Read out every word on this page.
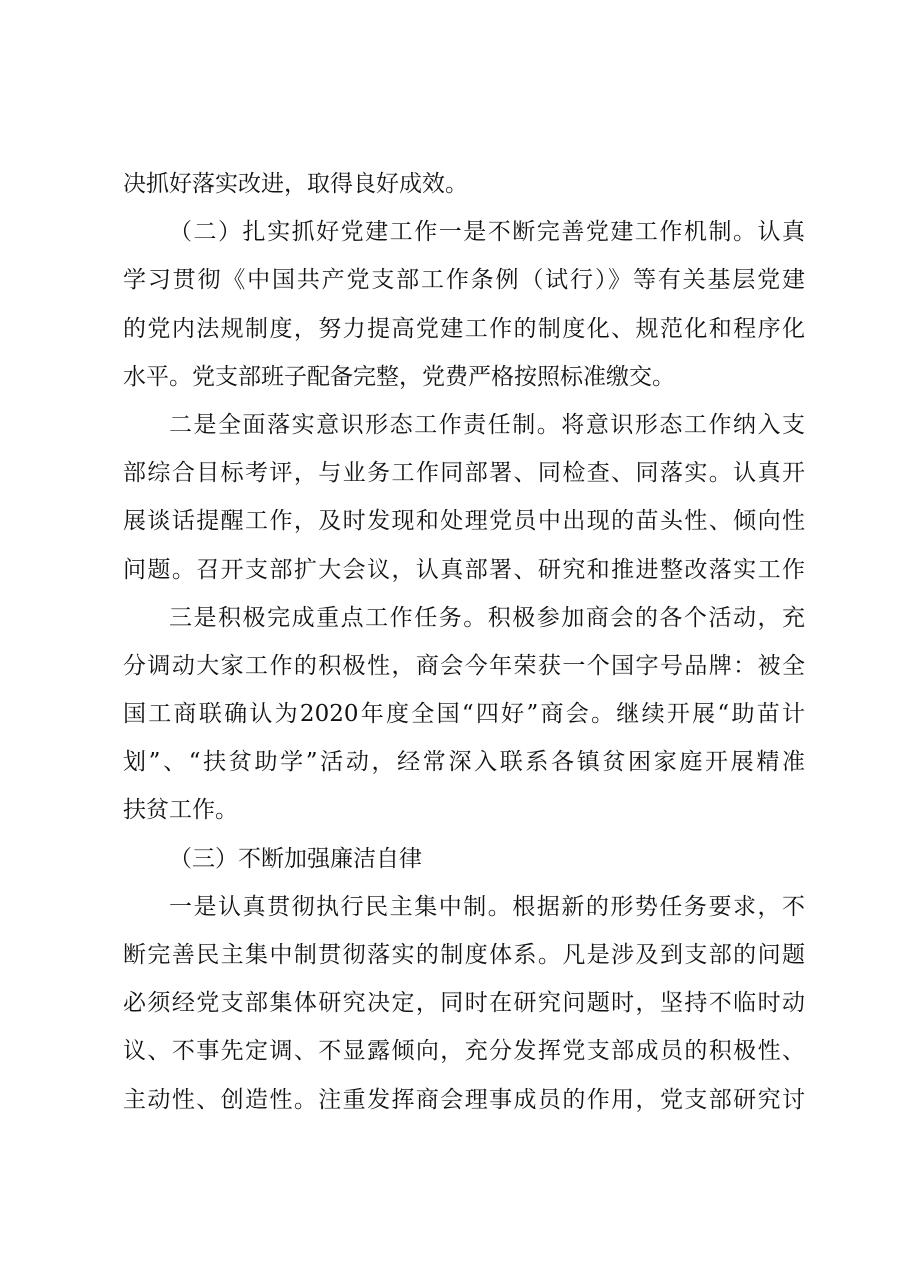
决抓好落实改进，取得良好成效。
（二）扎实抓好党建工作一是不断完善党建工作机制。认真
学习贯彻《中国共产党支部工作条例（试行）》等有关基层党建
的党内法规制度，努力提高党建工作的制度化、规范化和程序化
水平。党支部班子配备完整，党费严格按照标准缴交。
二是全面落实意识形态工作责任制。将意识形态工作纳入支
部综合目标考评，与业务工作同部署、同检查、同落实。认真开
展谈话提醒工作，及时发现和处理党员中出现的苗头性、倾向性
问题。召开支部扩大会议，认真部署、研究和推进整改落实工作
三是积极完成重点工作任务。积极参加商会的各个活动，充
分调动大家工作的积极性，商会今年荣获一个国字号品牌：被全
国工商联确认为2020年度全国“四好”商会。继续开展“助苗计
划”、“扶贫助学”活动，经常深入联系各镇贫困家庭开展精准
扶贫工作。
（三）不断加强廉洁自律
一是认真贯彻执行民主集中制。根据新的形势任务要求，不
断完善民主集中制贯彻落实的制度体系。凡是涉及到支部的问题
必须经党支部集体研究决定，同时在研究问题时，坚持不临时动
议、不事先定调、不显露倾向，充分发挥党支部成员的积极性、
主动性、创造性。注重发挥商会理事成员的作用，党支部研究讨
